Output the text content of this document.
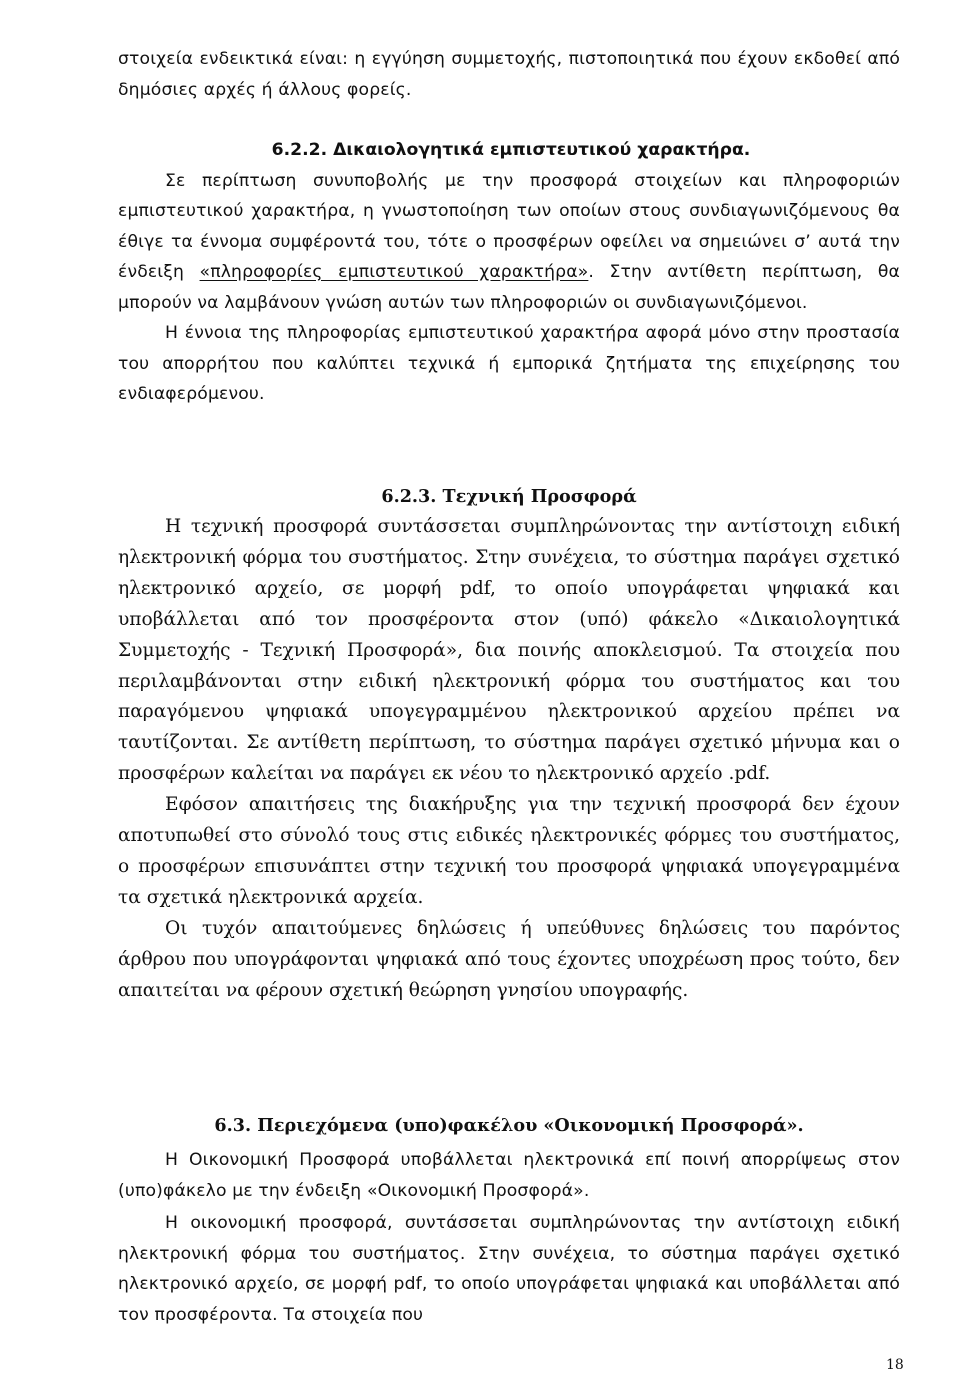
στοιχεία ενδεικτικά είναι: η εγγύηση συμμετοχής, πιστοποιητικά που έχουν εκδοθεί από δημόσιες αρχές ή άλλους φορείς.

6.2.2. Δικαιολογητικά εμπιστευτικού χαρακτήρα.

Σε περίπτωση συνυποβολής με την προσφορά στοιχείων και πληροφοριών εμπιστευτικού χαρακτήρα, η γνωστοποίηση των οποίων στους συνδιαγωνιζόμενους θα έθιγε τα έννομα συμφέροντά του, τότε ο προσφέρων οφείλει να σημειώνει σ’ αυτά την ένδειξη «πληροφορίες εμπιστευτικού χαρακτήρα». Στην αντίθετη περίπτωση, θα μπορούν να λαμβάνουν γνώση αυτών των πληροφοριών οι συνδιαγωνιζόμενοι.

Η έννοια της πληροφορίας εμπιστευτικού χαρακτήρα αφορά μόνο στην προστασία του απορρήτου που καλύπτει τεχνικά ή εμπορικά ζητήματα της επιχείρησης του ενδιαφερόμενου.

6.2.3. Τεχνική Προσφορά

Η τεχνική προσφορά συντάσσεται συμπληρώνοντας την αντίστοιχη ειδική ηλεκτρονική φόρμα του συστήματος. Στην συνέχεια, το σύστημα παράγει σχετικό ηλεκτρονικό αρχείο, σε μορφή pdf, το οποίο υπογράφεται ψηφιακά και υποβάλλεται από τον προσφέροντα στον (υπό) φάκελο «Δικαιολογητικά Συμμετοχής - Τεχνική Προσφορά», δια ποινής αποκλεισμού. Τα στοιχεία που περιλαμβάνονται στην ειδική ηλεκτρονική φόρμα του συστήματος και του παραγόμενου ψηφιακά υπογεγραμμένου ηλεκτρονικού αρχείου πρέπει να ταυτίζονται. Σε αντίθετη περίπτωση, το σύστημα παράγει σχετικό μήνυμα και ο προσφέρων καλείται να παράγει εκ νέου το ηλεκτρονικό αρχείο .pdf.

Εφόσον απαιτήσεις της διακήρυξης για την τεχνική προσφορά δεν έχουν αποτυπωθεί στο σύνολό τους στις ειδικές ηλεκτρονικές φόρμες του συστήματος, ο προσφέρων επισυνάπτει στην τεχνική του προσφορά ψηφιακά υπογεγραμμένα τα σχετικά ηλεκτρονικά αρχεία.

Οι τυχόν απαιτούμενες δηλώσεις ή υπεύθυνες δηλώσεις του παρόντος άρθρου που υπογράφονται ψηφιακά από τους έχοντες υποχρέωση προς τούτο, δεν απαιτείται να φέρουν σχετική θεώρηση γνησίου υπογραφής.

6.3. Περιεχόμενα (υπο)φακέλου «Οικονομική Προσφορά».

Η Οικονομική Προσφορά υποβάλλεται ηλεκτρονικά επί ποινή απορρίψεως στον (υπο)φάκελο με την ένδειξη «Οικονομική Προσφορά».

Η οικονομική προσφορά, συντάσσεται συμπληρώνοντας την αντίστοιχη ειδική ηλεκτρονική φόρμα του συστήματος. Στην συνέχεια, το σύστημα παράγει σχετικό ηλεκτρονικό αρχείο, σε μορφή pdf, το οποίο υπογράφεται ψηφιακά και υποβάλλεται από τον προσφέροντα. Τα στοιχεία που

18
